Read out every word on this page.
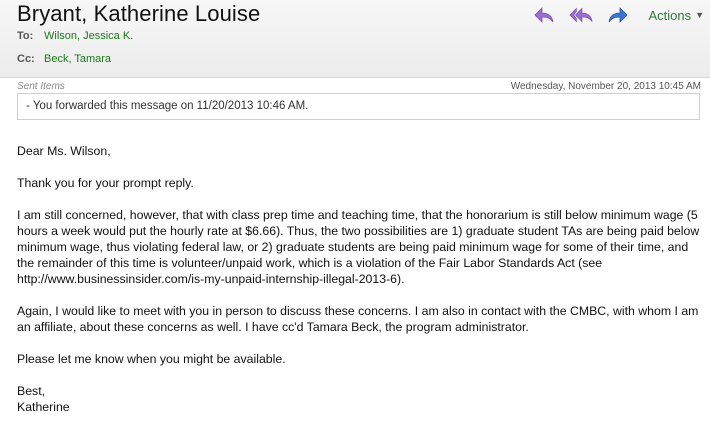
Bryant, Katherine Louise	Actions ▼
To: Wilson, Jessica K.
Cc: Beck, Tamara
Sent Items	Wednesday, November 20, 2013 10:45 AM
- You forwarded this message on 11/20/2013 10:46 AM.

Dear Ms. Wilson,

Thank you for your prompt reply.

I am still concerned, however, that with class prep time and teaching time, that the honorarium is still below minimum wage (5 hours a week would put the hourly rate at $6.66). Thus, the two possibilities are 1) graduate student TAs are being paid below minimum wage, thus violating federal law, or 2) graduate students are being paid minimum wage for some of their time, and the remainder of this time is volunteer/unpaid work, which is a violation of the Fair Labor Standards Act (see http://www.businessinsider.com/is-my-unpaid-internship-illegal-2013-6).

Again, I would like to meet with you in person to discuss these concerns. I am also in contact with the CMBC, with whom I am an affiliate, about these concerns as well. I have cc'd Tamara Beck, the program administrator.

Please let me know when you might be available.

Best,

Katherine
